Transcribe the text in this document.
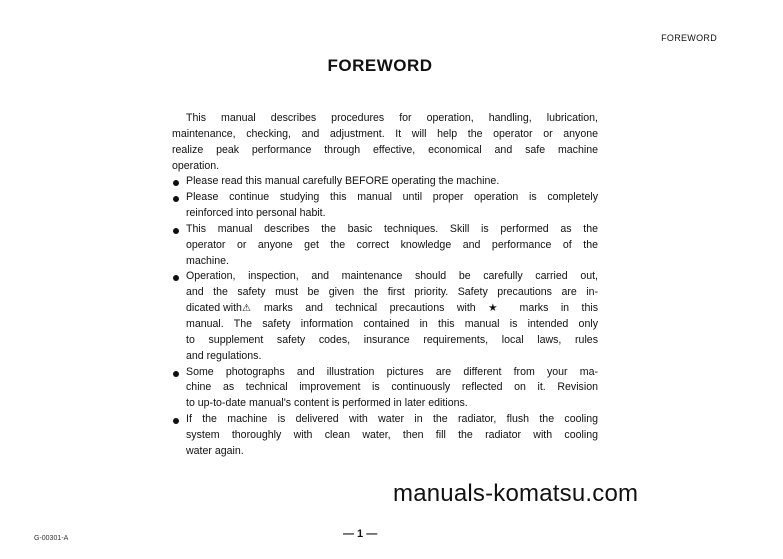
FOREWORD
FOREWORD
This manual describes procedures for operation, handling, lubrication,
maintenance, checking, and adjustment. It will help the operator or anyone
realize peak performance through effective, economical and safe machine
operation.
Please read this manual carefully BEFORE operating the machine.
Please continue studying this manual until proper operation is completely
reinforced into personal habit.
This manual describes the basic techniques. Skill is performed as the
operator or anyone get the correct knowledge and performance of the
machine.
Operation, inspection, and maintenance should be carefully carried out,
and the safety must be given the first priority. Safety precautions are in-
dicated with ⚠	marks and technical precautions with ★ marks in this
manual. The safety information contained in this manual is intended only
to supplement safety codes, insurance requirements, local laws, rules
and regulations.
Some photographs and illustration pictures are different from your ma-
chine as technical improvement is continuously reflected on it. Revision
to up-to-date manual's content is performed in later editions.
If the machine is delivered with water in the radiator, flush the cooling
system thoroughly with clean water, then fill the radiator with cooling
water again.
manuals-komatsu.com
G-00301-A	— 1 —
